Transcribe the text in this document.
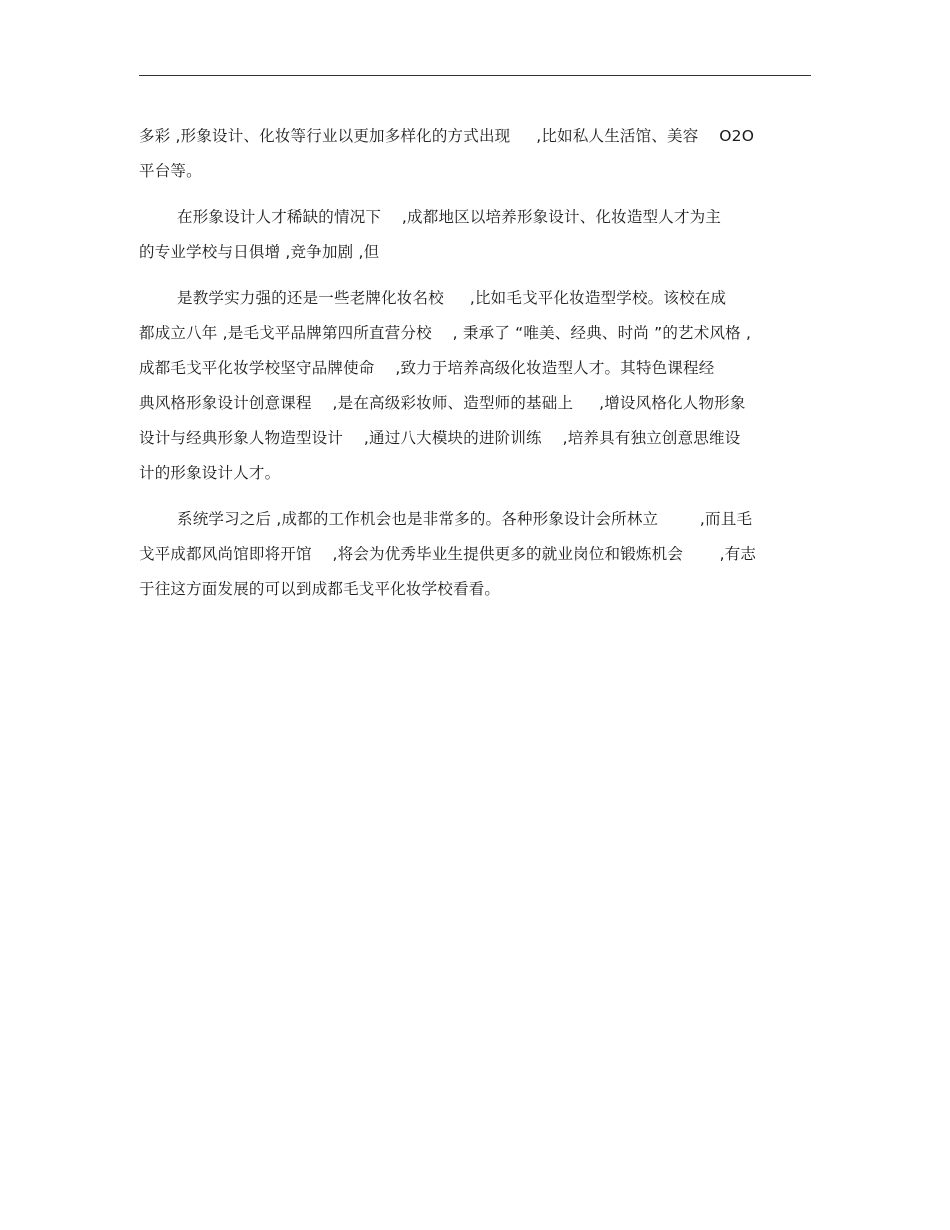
多彩 ,形象设计、化妆等行业以更加多样化的方式出现 　 ,比如私人生活馆、美容 　O2O
平台等。

在形象设计人才稀缺的情况下 　,成都地区以培养形象设计、化妆造型人才为主
的专业学校与日俱增 ,竞争加剧 ,但

是教学实力强的还是一些老牌化妆名校 　 ,比如毛戈平化妆造型学校。该校在成
都成立八年 ,是毛戈平品牌第四所直营分校 　, 秉承了 “唯美、经典、时尚 ”的艺术风格 ,
成都毛戈平化妆学校坚守品牌使命 　,致力于培养高级化妆造型人才。其特色课程经
典风格形象设计创意课程 　,是在高级彩妆师、造型师的基础上 　 ,增设风格化人物形象
设计与经典形象人物造型设计 　,通过八大模块的进阶训练 　,培养具有独立创意思维设
计的形象设计人才。

系统学习之后 ,成都的工作机会也是非常多的。各种形象设计会所林立 　　 ,而且毛
戈平成都风尚馆即将开馆 　,将会为优秀毕业生提供更多的就业岗位和锻炼机会 　　,有志
于往这方面发展的可以到成都毛戈平化妆学校看看。
